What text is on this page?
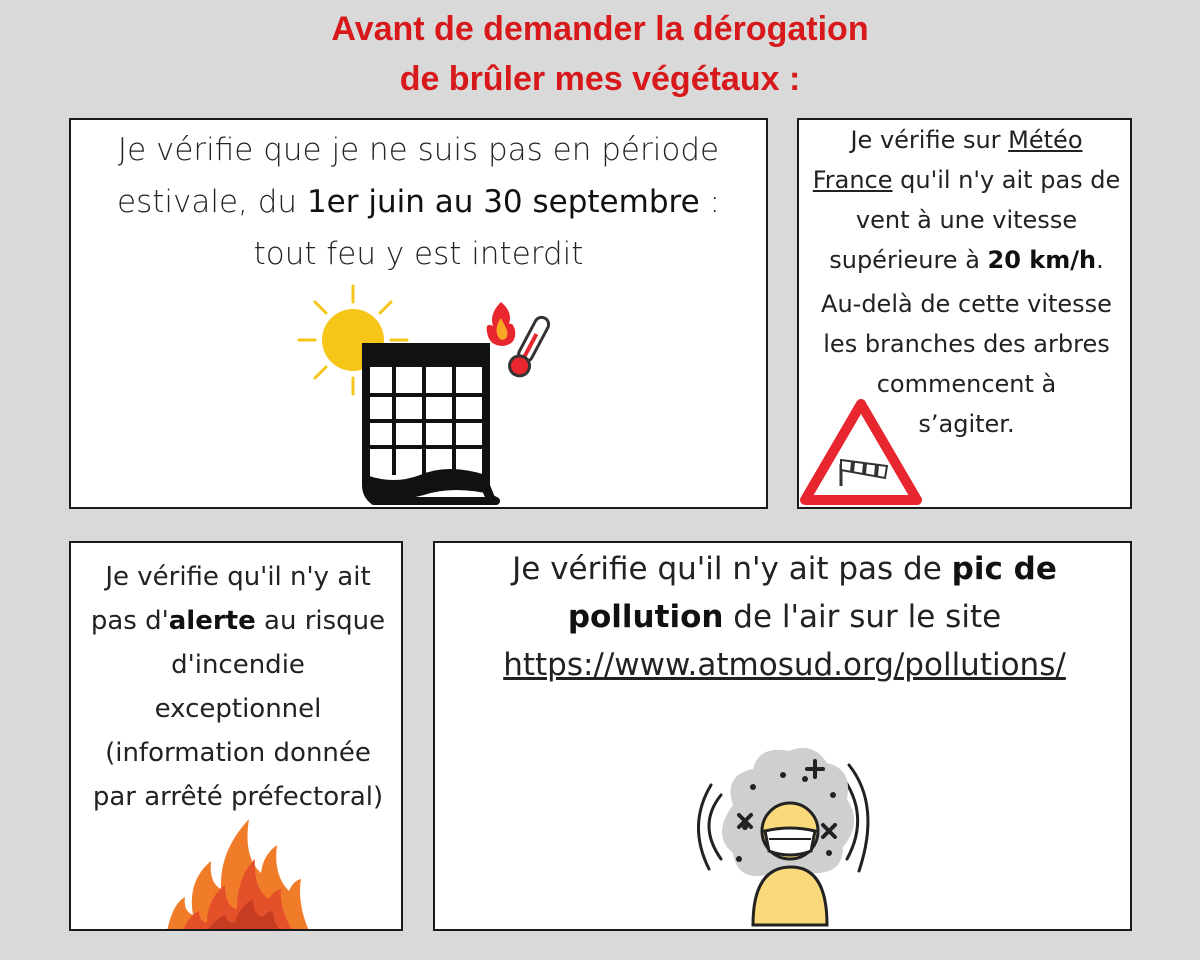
Avant de demander la dérogation
de brûler mes végétaux :
Je vérifie que je ne suis pas en période
estivale, du 1er juin au 30 septembre :
tout feu y est interdit
Je vérifie sur Météo
France qu'il n'y ait pas de
vent à une vitesse
supérieure à 20 km/h.
Au-delà de cette vitesse
les branches des arbres
commencent à
s’agiter.
Je vérifie qu'il n'y ait
pas d'alerte au risque
d'incendie
exceptionnel
(information donnée
par arrêté préfectoral)
Je vérifie qu'il n'y ait pas de pic de
pollution de l'air sur le site
https://www.atmosud.org/pollutions/
